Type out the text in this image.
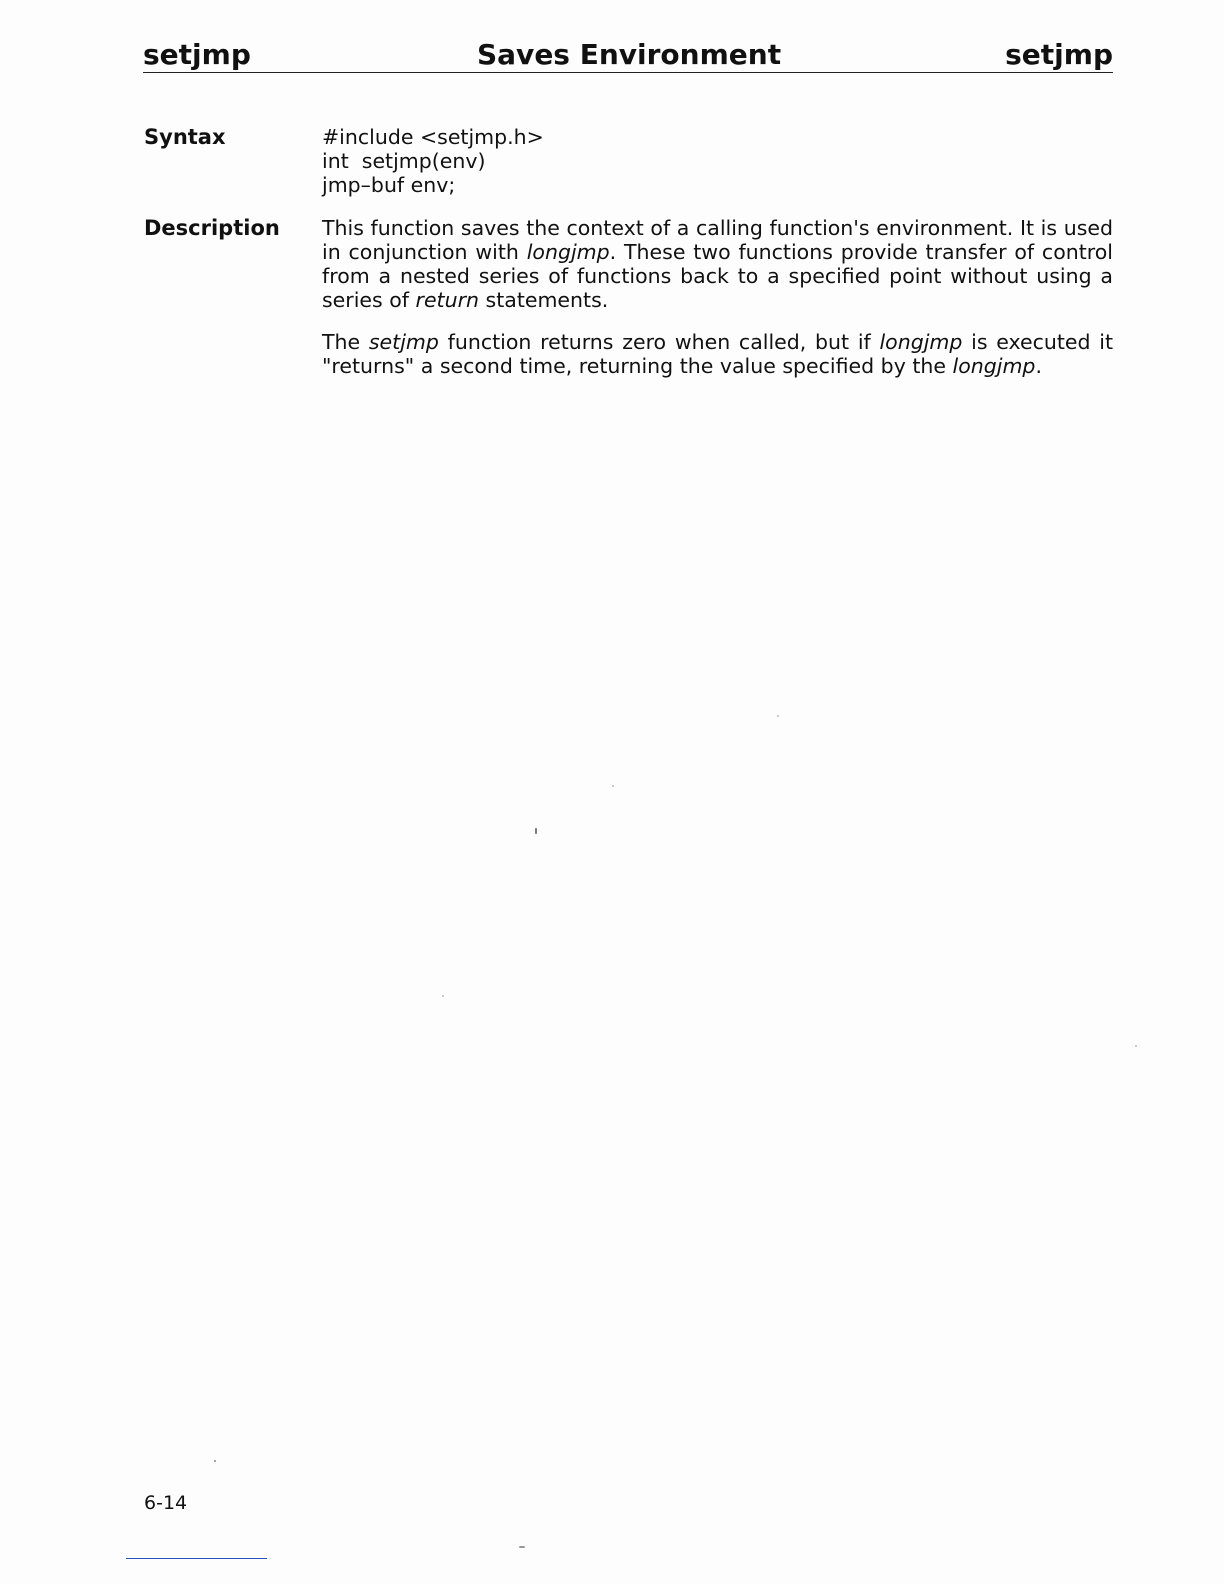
setjmp	Saves Environment	setjmp
Syntax	#include <setjmp.h>
int  setjmp(env)
jmp–buf env;
Description This function saves the context of a calling function's environment. It is used in conjunction with longjmp. These two functions provide transfer of control from a nested series of functions back to a specified point without using a series of return statements.

The setjmp function returns zero when called, but if longjmp is executed it "returns" a second time, returning the value specified by the longjmp.

6-14
